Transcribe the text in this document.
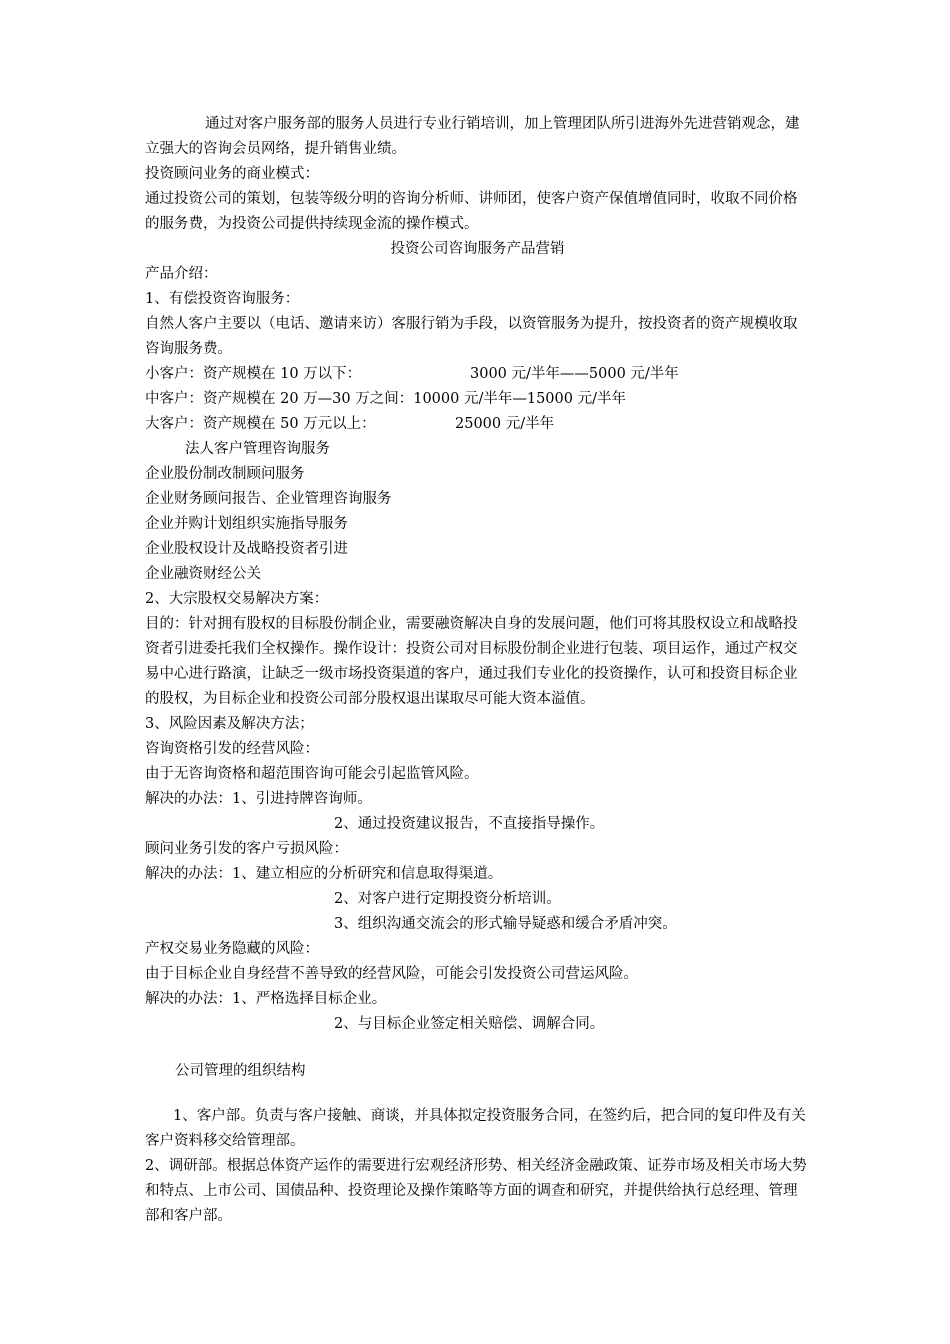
通过对客户服务部的服务人员进行专业行销培训，加上管理团队所引进海外先进营销观念，建立强大的咨询会员网络，提升销售业绩。

投资顾问业务的商业模式：

通过投资公司的策划，包装等级分明的咨询分析师、讲师团，使客户资产保值增值同时，收取不同价格的服务费，为投资公司提供持续现金流的操作模式。

投资公司咨询服务产品营销

产品介绍：

1、有偿投资咨询服务：

自然人客户主要以（电话、邀请来访）客服行销为手段，以资管服务为提升，按投资者的资产规模收取咨询服务费。

小客户：资产规模在 10 万以下：	3000 元/半年——5000 元/半年
中客户：资产规模在 20 万—30 万之间： 10000 元/半年—15000 元/半年
大客户：资产规模在 50 万元以上：	25000 元/半年

法人客户管理咨询服务

企业股份制改制顾问服务

企业财务顾问报告、企业管理咨询服务

企业并购计划组织实施指导服务

企业股权设计及战略投资者引进

企业融资财经公关

2、大宗股权交易解决方案：

目的：针对拥有股权的目标股份制企业，需要融资解决自身的发展问题，他们可将其股权设立和战略投资者引进委托我们全权操作。操作设计：投资公司对目标股份制企业进行包装、项目运作，通过产权交易中心进行路演，让缺乏一级市场投资渠道的客户，通过我们专业化的投资操作，认可和投资目标企业的股权，为目标企业和投资公司部分股权退出谋取尽可能大资本溢值。

3、风险因素及解决方法；

咨询资格引发的经营风险：

由于无咨询资格和超范围咨询可能会引起监管风险。

解决的办法：1、引进持牌咨询师。

2、通过投资建议报告，不直接指导操作。

顾问业务引发的客户亏损风险：

解决的办法：1、建立相应的分析研究和信息取得渠道。

2、对客户进行定期投资分析培训。

3、组织沟通交流会的形式输导疑惑和缓合矛盾冲突。

产权交易业务隐藏的风险：

由于目标企业自身经营不善导致的经营风险，可能会引发投资公司营运风险。

解决的办法：1、严格选择目标企业。

2、与目标企业签定相关赔偿、调解合同。

公司管理的组织结构

1、客户部。负责与客户接触、商谈，并具体拟定投资服务合同，在签约后，把合同的复印件及有关客户资料移交给管理部。

2、调研部。根据总体资产运作的需要进行宏观经济形势、相关经济金融政策、证券市场及相关市场大势和特点、上市公司、国债品种、投资理论及操作策略等方面的调查和研究，并提供给执行总经理、管理部和客户部。
